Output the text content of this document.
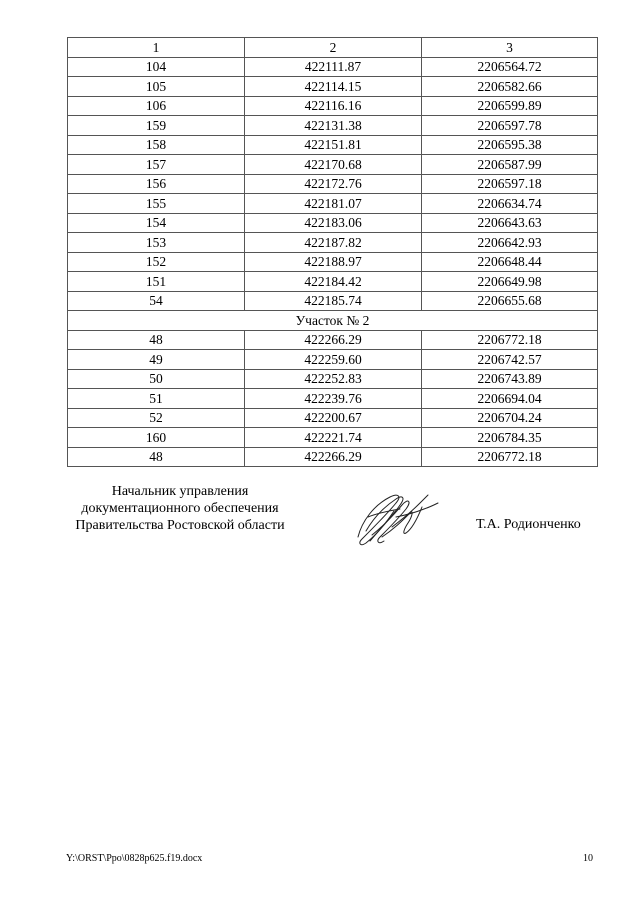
1	2	3
104	422111.87	2206564.72
105	422114.15	2206582.66
106	422116.16	2206599.89
159	422131.38	2206597.78
158	422151.81	2206595.38
157	422170.68	2206587.99
156	422172.76	2206597.18
155	422181.07	2206634.74
154	422183.06	2206643.63
153	422187.82	2206642.93
152	422188.97	2206648.44
151	422184.42	2206649.98
54	422185.74	2206655.68
Участок № 2		
48	422266.29	2206772.18
49	422259.60	2206742.57
50	422252.83	2206743.89
51	422239.76	2206694.04
52	422200.67	2206704.24
160	422221.74	2206784.35
48	422266.29	2206772.18
Начальник управления
документационного обеспечения
Правительства Ростовской области	Т.А. Родионченко
Y:\ORST\Ppo\0828p625.f19.docx	10
